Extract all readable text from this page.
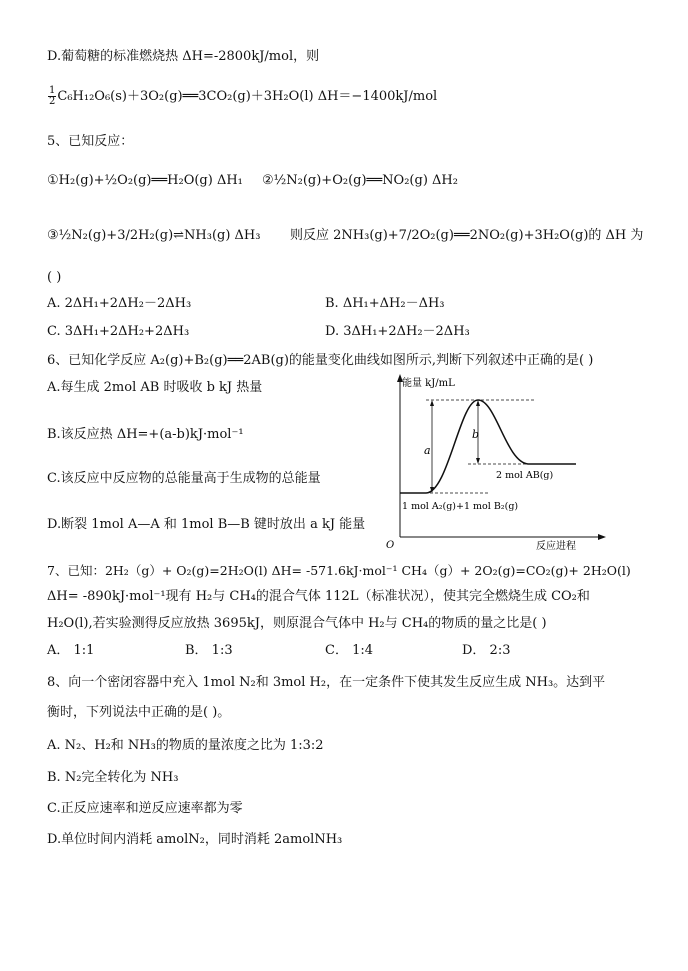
D.葡萄糖的标准燃烧热 ΔH=-2800kJ/mol，则
$\frac{1}{2}$ C₆H₁₂O₆(s)＋3O₂(g)══3CO₂(g)＋3H₂O(l) ΔH＝−1400kJ/mol
5、已知反应：
①H₂(g)+½O₂(g)══H₂O(g) ΔH₁ ②½N₂(g)+O₂(g)══NO₂(g) ΔH₂
③½N₂(g)+3/2H₂(g)⇌NH₃(g) ΔH₃ 则反应 2NH₃(g)+7/2O₂(g)══2NO₂(g)+3H₂O(g)的 ΔH 为
( )
A. 2ΔH₁+2ΔH₂－2ΔH₃	B. ΔH₁+ΔH₂－ΔH₃
C. 3ΔH₁+2ΔH₂+2ΔH₃	D. 3ΔH₁+2ΔH₂－2ΔH₃
6、已知化学反应 A₂(g)+B₂(g)══2AB(g)的能量变化曲线如图所示,判断下列叙述中正确的是( )
A.每生成 2mol AB 时吸收 b kJ 热量
B.该反应热 ΔH=+(a-b)kJ·mol⁻¹
C.该反应中反应物的总能量高于生成物的总能量
D.断裂 1mol A—A 和 1mol B—B 键时放出 a kJ 能量
能量 kJ/mL
反应进程
O
a
b
2 mol AB(g)
1 mol A₂(g)+1 mol B₂(g)
7、已知：2H₂（g）+ O₂(g)=2H₂O(l) ΔH= -571.6kJ·mol⁻¹ CH₄（g）+ 2O₂(g)=CO₂(g)+ 2H₂O(l)
ΔH= -890kJ·mol⁻¹现有 H₂与 CH₄的混合气体 112L（标准状况），使其完全燃烧生成 CO₂和
H₂O(l),若实验测得反应放热 3695kJ，则原混合气体中 H₂与 CH₄的物质的量之比是( )
A． 1:1	B． 1:3	C． 1:4	D． 2:3
8、向一个密闭容器中充入 1mol N₂和 3mol H₂，在一定条件下使其发生反应生成 NH₃。达到平
衡时，下列说法中正确的是( )。
A. N₂、H₂和 NH₃的物质的量浓度之比为 1:3:2
B. N₂完全转化为 NH₃
C.正反应速率和逆反应速率都为零
D.单位时间内消耗 amolN₂，同时消耗 2amolNH₃
